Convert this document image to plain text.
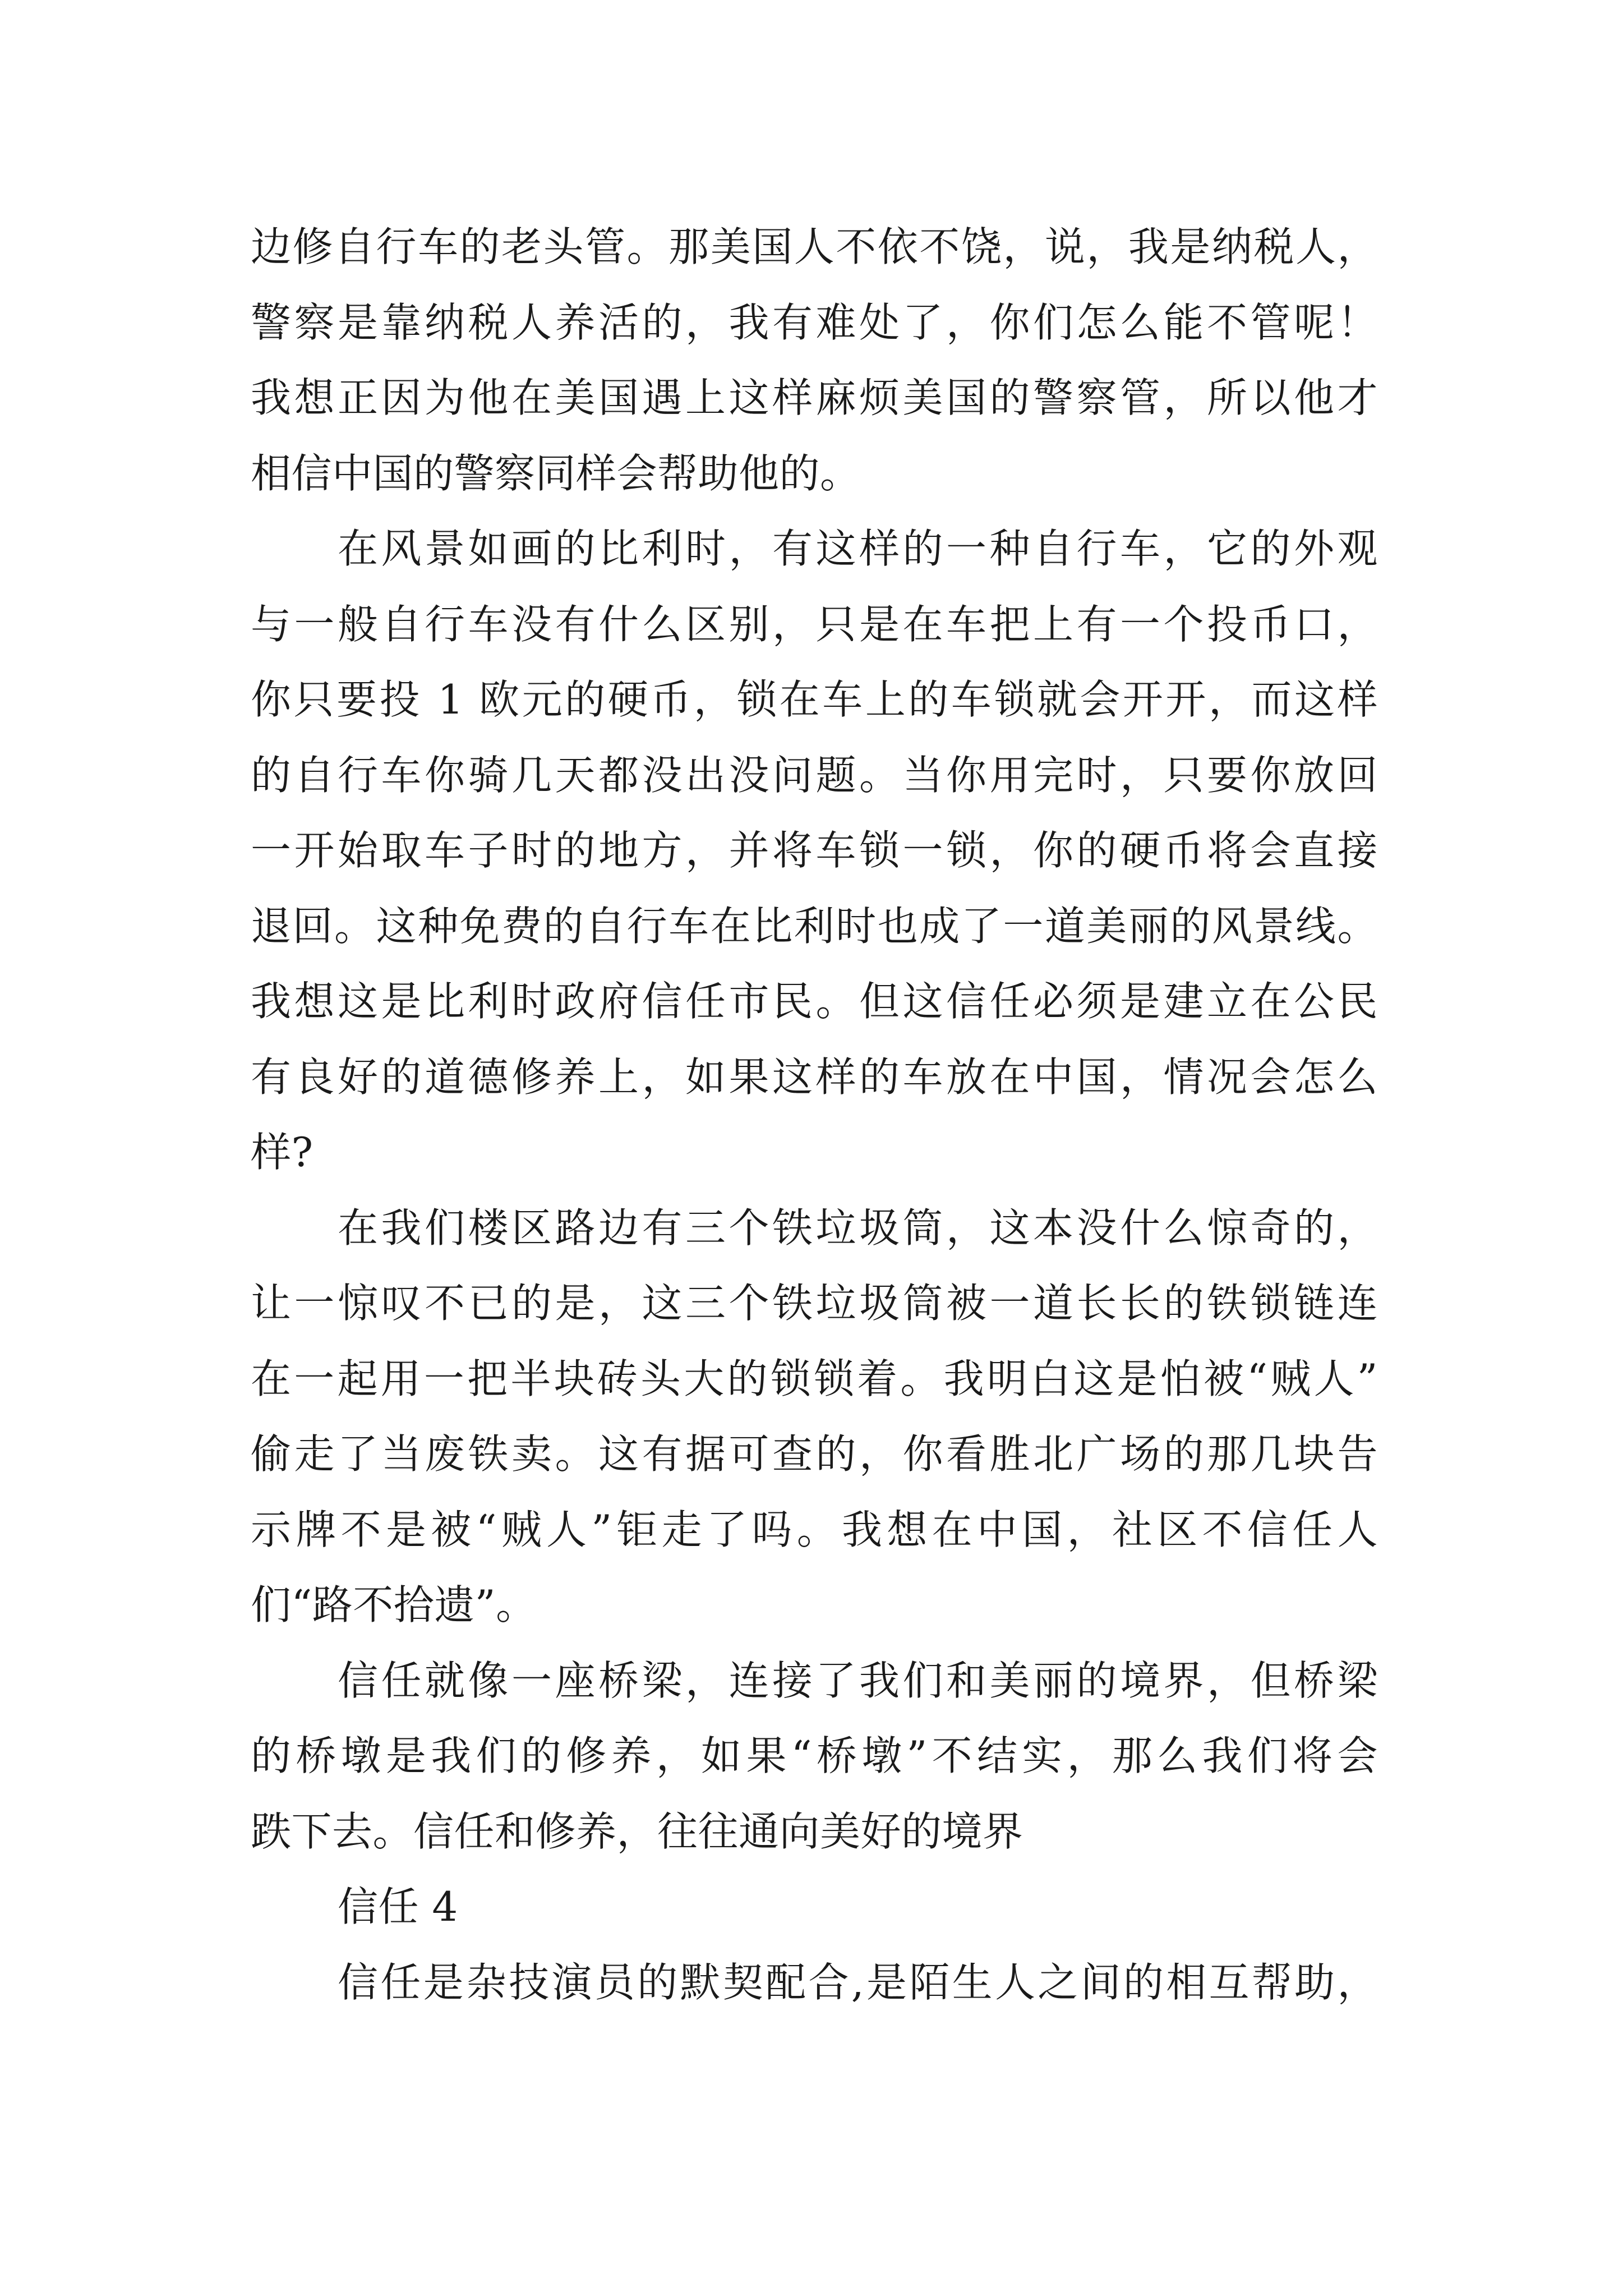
边修自行车的老头管。那美国人不依不饶，说，我是纳税人，
警察是靠纳税人养活的，我有难处了，你们怎么能不管呢！
我想正因为他在美国遇上这样麻烦美国的警察管，所以他才
相信中国的警察同样会帮助他的。
在风景如画的比利时，有这样的一种自行车，它的外观
与一般自行车没有什么区别，只是在车把上有一个投币口，
你只要投 1 欧元的硬币，锁在车上的车锁就会开开，而这样
的自行车你骑几天都没出没问题。当你用完时，只要你放回
一开始取车子时的地方，并将车锁一锁，你的硬币将会直接
退回。这种免费的自行车在比利时也成了一道美丽的风景线。
我想这是比利时政府信任市民。但这信任必须是建立在公民
有良好的道德修养上，如果这样的车放在中国，情况会怎么
样?
在我们楼区路边有三个铁垃圾筒，这本没什么惊奇的，
让一惊叹不已的是，这三个铁垃圾筒被一道长长的铁锁链连
在一起用一把半块砖头大的锁锁着。我明白这是怕被“贼人”
偷走了当废铁卖。这有据可查的，你看胜北广场的那几块告
示牌不是被“贼人”钜走了吗。我想在中国，社区不信任人
们“路不拾遗”。
信任就像一座桥梁，连接了我们和美丽的境界，但桥梁
的桥墩是我们的修养，如果“桥墩”不结实，那么我们将会
跌下去。信任和修养，往往通向美好的境界
信任 4
信任是杂技演员的默契配合,是陌生人之间的相互帮助，
